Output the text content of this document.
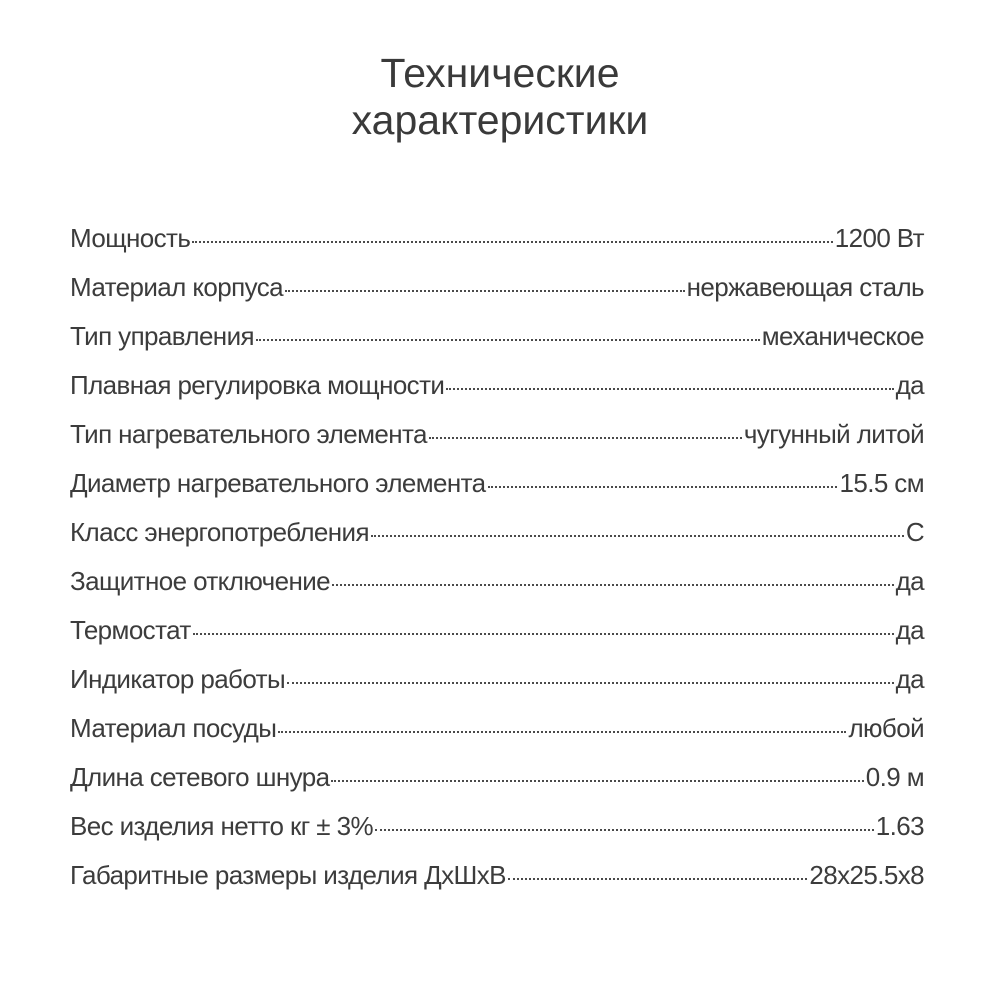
Технические
характеристики
Мощность	1200 Вт
Материал корпуса	нержавеющая сталь
Тип управления	механическое
Плавная регулировка мощности	да
Тип нагревательного элемента	чугунный литой
Диаметр нагревательного элемента	15.5 см
Класс энергопотребления	С
Защитное отключение	да
Термостат	да
Индикатор работы	да
Материал посуды	любой
Длина сетевого шнура	0.9 м
Вес изделия нетто кг ± 3%	1.63
Габаритные размеры изделия ДхШхВ	28x25.5x8
